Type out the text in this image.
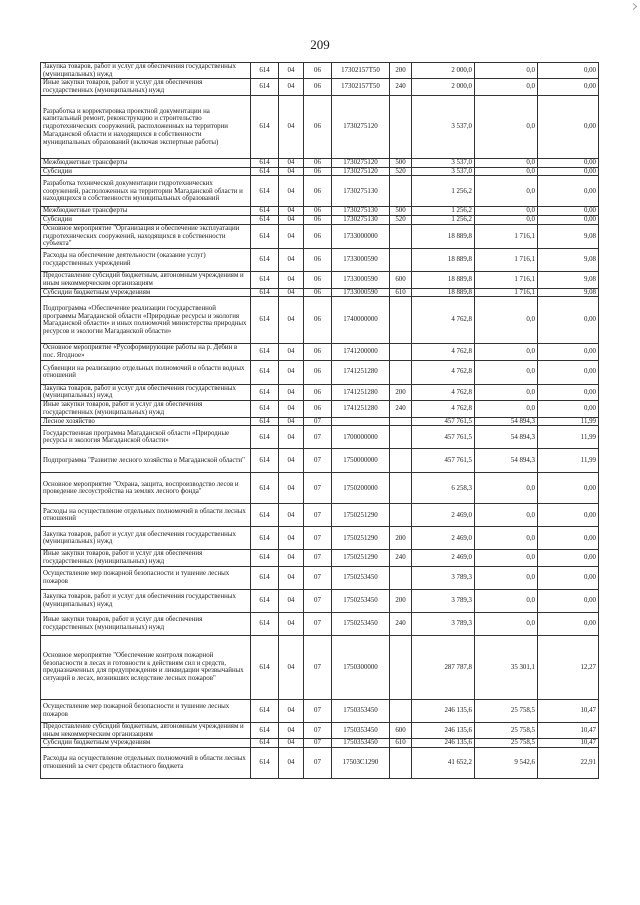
209
Закупка товаров, работ и услуг для обеспечения государственных (муниципальных) нужд	614	04	06	17302157Т50	200	2 000,0	0,0	0,00
Иные закупки товаров, работ и услуг для обеспечения государственных (муниципальных) нужд	614	04	06	17302157Т50	240	2 000,0	0,0	0,00
Разработка и корректировка проектной документации на капитальный ремонт, реконструкцию и строительство гидротехнических сооружений, расположенных на территории Магаданской области и находящихся в собственности муниципальных образований (включая экспертные работы)	614	04	06	1730275120		3 537,0	0,0	0,00
Межбюджетные трансферты	614	04	06	1730275120	500	3 537,0	0,0	0,00
Субсидии	614	04	06	1730275120	520	3 537,0	0,0	0,00
Разработка технической документации гидротехнических сооружений, расположенных на территории Магаданской области и находящихся в собственности муниципальных образований	614	04	06	1730275130		1 256,2	0,0	0,00
Межбюджетные трансферты	614	04	06	1730275130	500	1 256,2	0,0	0,00
Субсидии	614	04	06	1730275130	520	1 256,2	0,0	0,00
Основное мероприятие "Организация и обеспечение эксплуатации гидротехнических сооружений, находящихся в собственности субъекта"	614	04	06	1733000000		18 889,8	1 716,1	9,08
Расходы на обеспечение деятельности (оказание услуг) государственных учреждений	614	04	06	1733000590		18 889,8	1 716,1	9,08
Предоставление субсидий бюджетным, автономным учреждениям и иным некоммерческим организациям	614	04	06	1733000590	600	18 889,8	1 716,1	9,08
Субсидии бюджетным учреждениям	614	04	06	1733000590	610	18 889,8	1 716,1	9,08
Подпрограмма «Обеспечение реализации государственной программы Магаданской области «Природные ресурсы и экология Магаданской области» и иных полномочий министерства природных ресурсов и экологии Магаданской области»	614	04	06	1740000000		4 762,8	0,0	0,00
Основное мероприятие «Русоформирующие работы на р. Дебин в пос. Ягодное»	614	04	06	1741200000		4 762,8	0,0	0,00
Субвенции на реализацию отдельных полномочий в области водных отношений	614	04	06	1741251280		4 762,8	0,0	0,00
Закупка товаров, работ и услуг для обеспечения государственных (муниципальных) нужд	614	04	06	1741251280	200	4 762,8	0,0	0,00
Иные закупки товаров, работ и услуг для обеспечения государственных (муниципальных) нужд	614	04	06	1741251280	240	4 762,8	0,0	0,00
Лесное хозяйство	614	04	07			457 761,5	54 894,3	11,99
Государственная программа Магаданской области «Природные ресурсы и экология Магаданской области»	614	04	07	1700000000		457 761,5	54 894,3	11,99
Подпрограмма "Развитие лесного хозяйства в Магаданской области"	614	04	07	1750000000		457 761,5	54 894,3	11,99
Основное мероприятие "Охрана, защита, воспроизводство лесов и проведение лесоустройства на землях лесного фонда"	614	04	07	1750200000		6 258,3	0,0	0,00
Расходы на осуществление отдельных полномочий в области лесных отношений	614	04	07	1750251290		2 469,0	0,0	0,00
Закупка товаров, работ и услуг для обеспечения государственных (муниципальных) нужд	614	04	07	1750251290	200	2 469,0	0,0	0,00
Иные закупки товаров, работ и услуг для обеспечения государственных (муниципальных) нужд	614	04	07	1750251290	240	2 469,0	0,0	0,00
Осуществление мер пожарной безопасности и тушение лесных пожаров	614	04	07	1750253450		3 789,3	0,0	0,00
Закупка товаров, работ и услуг для обеспечения государственных (муниципальных) нужд	614	04	07	1750253450	200	3 789,3	0,0	0,00
Иные закупки товаров, работ и услуг для обеспечения государственных (муниципальных) нужд	614	04	07	1750253450	240	3 789,3	0,0	0,00
Основное мероприятие "Обеспечение контроля пожарной безопасности в лесах и готовности к действиям сил и средств, предназначенных для предупреждения и ликвидации чрезвычайных ситуаций в лесах, возникших вследствие лесных пожаров"	614	04	07	1750300000		287 787,8	35 301,1	12,27
Осуществление мер пожарной безопасности и тушение лесных пожаров	614	04	07	1750353450		246 135,6	25 758,5	10,47
Предоставление субсидий бюджетным, автономным учреждениям и иным некоммерческим организациям	614	04	07	1750353450	600	246 135,6	25 758,5	10,47
Субсидии бюджетным учреждениям	614	04	07	1750353450	610	246 135,6	25 758,5	10,47
Расходы на осуществление отдельных полномочий в области лесных отношений за счет средств областного бюджета	614	04	07	17503С1290		41 652,2	9 542,6	22,91
